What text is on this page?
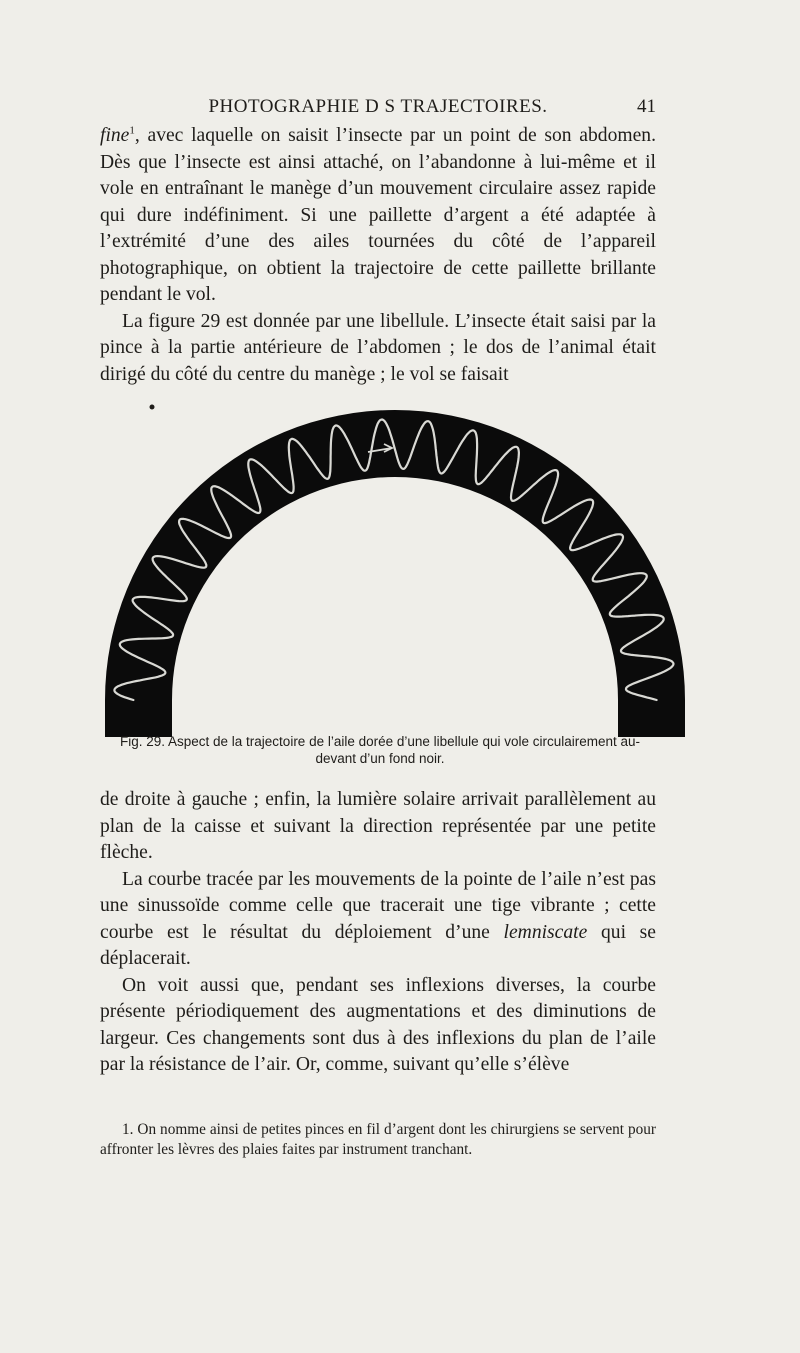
PHOTOGRAPHIE D S TRAJECTOIRES.	41

fine$^1$, avec laquelle on saisit l’insecte par un point de son abdomen. Dès que l’insecte est ainsi attaché, on l’abandonne à lui-même et il vole en entraînant le manège d’un mouvement circulaire assez rapide qui dure indéfiniment. Si une paillette d’argent a été adaptée à l’extrémité d’une des ailes tournées du côté de l’appareil photographique, on obtient la trajectoire de cette paillette brillante pendant le vol.

La figure 29 est donnée par une libellule. L’insecte était saisi par la pince à la partie antérieure de l’abdomen ; le dos de l’animal était dirigé du côté du centre du manège ; le vol se faisait

Fig. 29. Aspect de la trajectoire de l’aile dorée d’une libellule qui vole circulairement au-devant d’un fond noir.

de droite à gauche ; enfin, la lumière solaire arrivait parallèlement au plan de la caisse et suivant la direction représentée par une petite flèche.

La courbe tracée par les mouvements de la pointe de l’aile n’est pas une sinussoïde comme celle que tracerait une tige vibrante ; cette courbe est le résultat du déploiement d’une lemniscate qui se déplacerait.

On voit aussi que, pendant ses inflexions diverses, la courbe présente périodiquement des augmentations et des diminutions de largeur. Ces changements sont dus à des inflexions du plan de l’aile par la résistance de l’air. Or, comme, suivant qu’elle s’élève

1. On nomme ainsi de petites pinces en fil d’argent dont les chirurgiens se servent pour affronter les lèvres des plaies faites par instrument tranchant.
